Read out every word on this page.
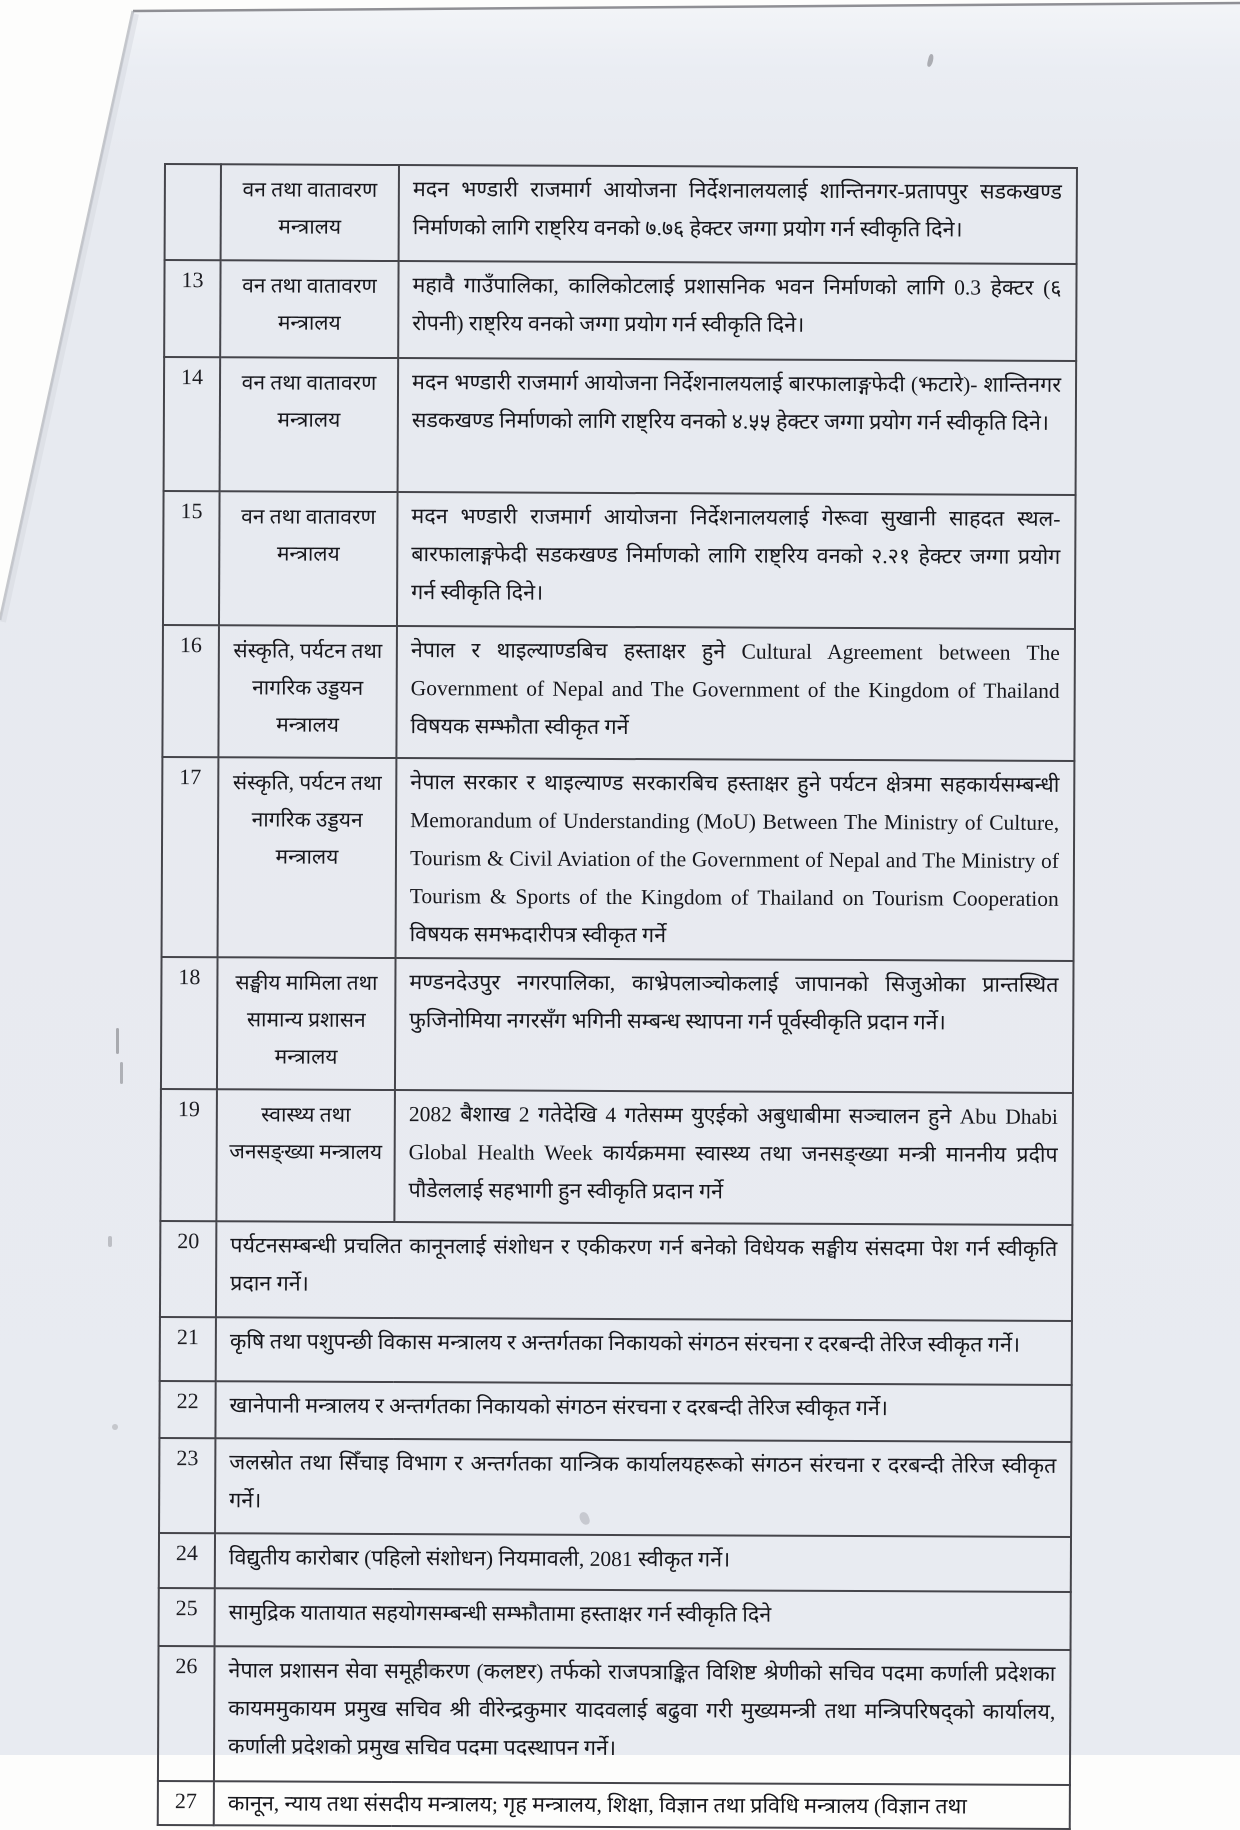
	वन तथा वातावरण मन्त्रालय	मदन भण्डारी राजमार्ग आयोजना निर्देशनालयलाई शान्तिनगर-प्रतापपुर सडकखण्ड निर्माणको लागि राष्ट्रिय वनको ७.७६ हेक्टर जग्गा प्रयोग गर्न स्वीकृति दिने।
13	वन तथा वातावरण मन्त्रालय	महावै गाउँपालिका, कालिकोटलाई प्रशासनिक भवन निर्माणको लागि 0.3 हेक्टर (६ रोपनी) राष्ट्रिय वनको जग्गा प्रयोग गर्न स्वीकृति दिने।
14	वन तथा वातावरण मन्त्रालय	मदन भण्डारी राजमार्ग आयोजना निर्देशनालयलाई बारफालाङ्गफेदी (झटारे)- शान्तिनगर सडकखण्ड निर्माणको लागि राष्ट्रिय वनको ४.५५ हेक्टर जग्गा प्रयोग गर्न स्वीकृति दिने।
15	वन तथा वातावरण मन्त्रालय	मदन भण्डारी राजमार्ग आयोजना निर्देशनालयलाई गेरूवा सुखानी साहदत स्थल- बारफालाङ्गफेदी सडकखण्ड निर्माणको लागि राष्ट्रिय वनको २.२१ हेक्टर जग्गा प्रयोग गर्न स्वीकृति दिने।
16	संस्कृति, पर्यटन तथा नागरिक उड्डयन मन्त्रालय	नेपाल र थाइल्याण्डबिच हस्ताक्षर हुने Cultural Agreement between The Government of Nepal and The Government of the Kingdom of Thailand विषयक सम्झौता स्वीकृत गर्ने
17	संस्कृति, पर्यटन तथा नागरिक उड्डयन मन्त्रालय	नेपाल सरकार र थाइल्याण्ड सरकारबिच हस्ताक्षर हुने पर्यटन क्षेत्रमा सहकार्यसम्बन्धी Memorandum of Understanding (MoU) Between The Ministry of Culture, Tourism & Civil Aviation of the Government of Nepal and The Ministry of Tourism & Sports of the Kingdom of Thailand on Tourism Cooperation विषयक समझदारीपत्र स्वीकृत गर्ने
18	सङ्घीय मामिला तथा सामान्य प्रशासन मन्त्रालय	मण्डनदेउपुर नगरपालिका, काभ्रेपलाञ्चोकलाई जापानको सिजुओका प्रान्तस्थित फुजिनोमिया नगरसँग भगिनी सम्बन्ध स्थापना गर्न पूर्वस्वीकृति प्रदान गर्ने।
19	स्वास्थ्य तथा जनसङ्ख्या मन्त्रालय	2082 बैशाख 2 गतेदेखि 4 गतेसम्म युएईको अबुधाबीमा सञ्चालन हुने Abu Dhabi Global Health Week कार्यक्रममा स्वास्थ्य तथा जनसङ्ख्या मन्त्री माननीय प्रदीप पौडेललाई सहभागी हुन स्वीकृति प्रदान गर्ने
20	पर्यटनसम्बन्धी प्रचलित कानूनलाई संशोधन र एकीकरण गर्न बनेको विधेयक सङ्घीय संसदमा पेश गर्न स्वीकृति प्रदान गर्ने।	
21	कृषि तथा पशुपन्छी विकास मन्त्रालय र अन्तर्गतका निकायको संगठन संरचना र दरबन्दी तेरिज स्वीकृत गर्ने।	
22	खानेपानी मन्त्रालय र अन्तर्गतका निकायको संगठन संरचना र दरबन्दी तेरिज स्वीकृत गर्ने।	
23	जलस्रोत तथा सिँचाइ विभाग र अन्तर्गतका यान्त्रिक कार्यालयहरूको संगठन संरचना र दरबन्दी तेरिज स्वीकृत गर्ने।	
24	विद्युतीय कारोबार (पहिलो संशोधन) नियमावली, 2081 स्वीकृत गर्ने।	
25	सामुद्रिक यातायात सहयोगसम्बन्धी सम्झौतामा हस्ताक्षर गर्न स्वीकृति दिने	
26	नेपाल प्रशासन सेवा समूहीकरण (कलष्टर) तर्फको राजपत्राङ्कित विशिष्ट श्रेणीको सचिव पदमा कर्णाली प्रदेशका कायममुकायम प्रमुख सचिव श्री वीरेन्द्रकुमार यादवलाई बढुवा गरी मुख्यमन्त्री तथा मन्त्रिपरिषद्को कार्यालय, कर्णाली प्रदेशको प्रमुख सचिव पदमा पदस्थापन गर्ने।	
27	कानून, न्याय तथा संसदीय मन्त्रालय; गृह मन्त्रालय, शिक्षा, विज्ञान तथा प्रविधि मन्त्रालय (विज्ञान तथा	
